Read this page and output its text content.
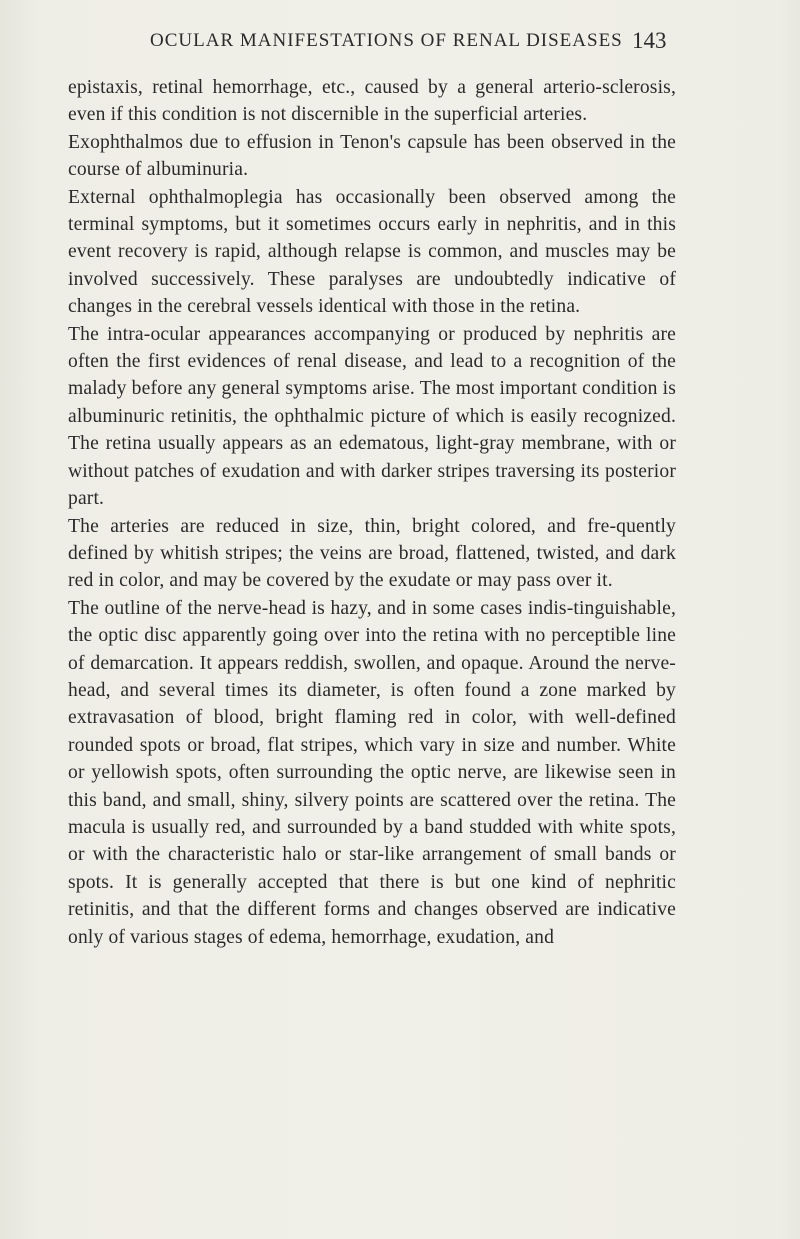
OCULAR MANIFESTATIONS OF RENAL DISEASES 143

epistaxis, retinal hemorrhage, etc., caused by a general arterio-sclerosis, even if this condition is not discernible in the superficial arteries.

Exophthalmos due to effusion in Tenon's capsule has been observed in the course of albuminuria.

External ophthalmoplegia has occasionally been observed among the terminal symptoms, but it sometimes occurs early in nephritis, and in this event recovery is rapid, although relapse is common, and muscles may be involved successively. These paralyses are undoubtedly indicative of changes in the cerebral vessels identical with those in the retina.

The intra-ocular appearances accompanying or produced by nephritis are often the first evidences of renal disease, and lead to a recognition of the malady before any general symptoms arise. The most important condition is albuminuric retinitis, the ophthalmic picture of which is easily recognized. The retina usually appears as an edematous, light-gray membrane, with or without patches of exudation and with darker stripes traversing its posterior part.

The arteries are reduced in size, thin, bright colored, and fre-quently defined by whitish stripes; the veins are broad, flattened, twisted, and dark red in color, and may be covered by the exudate or may pass over it.

The outline of the nerve-head is hazy, and in some cases indis-tinguishable, the optic disc apparently going over into the retina with no perceptible line of demarcation. It appears reddish, swollen, and opaque. Around the nerve-head, and several times its diameter, is often found a zone marked by extravasation of blood, bright flaming red in color, with well-defined rounded spots or broad, flat stripes, which vary in size and number. White or yellowish spots, often surrounding the optic nerve, are likewise seen in this band, and small, shiny, silvery points are scattered over the retina. The macula is usually red, and surrounded by a band studded with white spots, or with the characteristic halo or star-like arrangement of small bands or spots. It is generally accepted that there is but one kind of nephritic retinitis, and that the different forms and changes observed are indicative only of various stages of edema, hemorrhage, exudation, and
